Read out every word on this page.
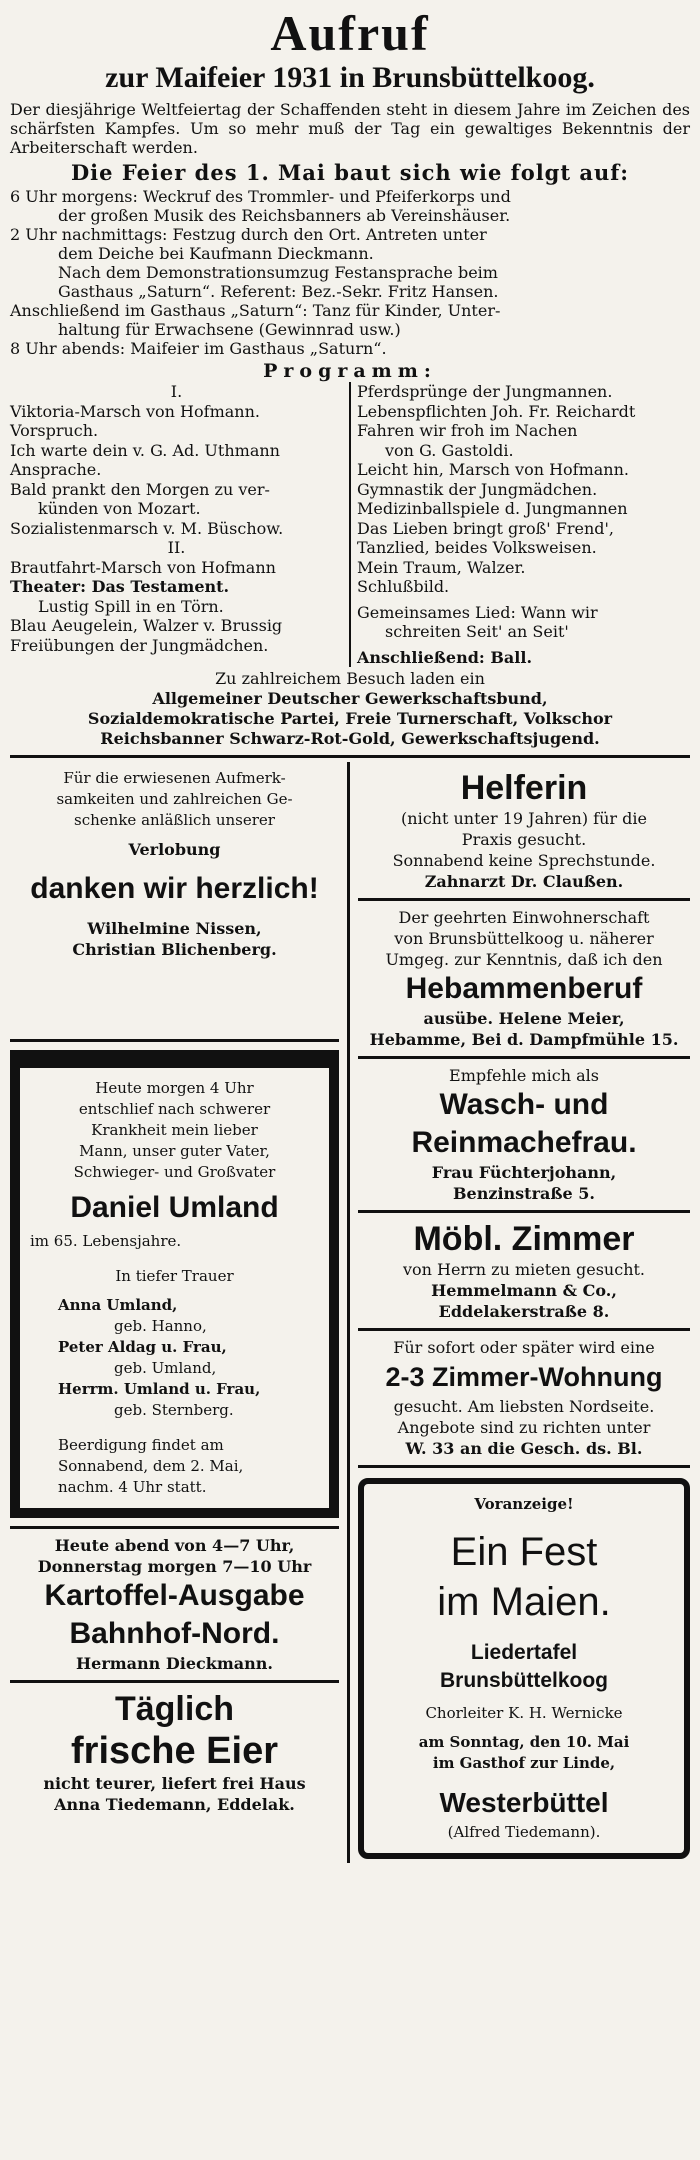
Aufruf
zur Maifeier 1931 in Brunsbüttelkoog.

Der diesjährige Weltfeiertag der Schaffenden steht in diesem Jahre im Zeichen des schärfsten Kampfes. Um so mehr muß der Tag ein gewaltiges Bekenntnis der Arbeiterschaft werden.

Die Feier des 1. Mai baut sich wie folgt auf:
6 Uhr morgens: Weckruf des Trommler- und Pfeiferkorps und
der großen Musik des Reichsbanners ab Vereinshäuser.
2 Uhr nachmittags: Festzug durch den Ort. Antreten unter
dem Deiche bei Kaufmann Dieckmann.
Nach dem Demonstrationsumzug Festansprache beim
Gasthaus „Saturn“. Referent: Bez.-Sekr. Fritz Hansen.
Anschließend im Gasthaus „Saturn“: Tanz für Kinder, Unter-
haltung für Erwachsene (Gewinnrad usw.)
8 Uhr abends: Maifeier im Gasthaus „Saturn“.
Programm:
I.
Viktoria-Marsch von Hofmann.
Vorspruch.
Ich warte dein v. G. Ad. Uthmann
Ansprache.
Bald prankt den Morgen zu ver-
künden von Mozart.
Sozialistenmarsch v. M. Büschow.
II.
Brautfahrt-Marsch von Hofmann
Theater: Das Testament.
Lustig Spill in en Törn.
Blau Aeugelein, Walzer v. Brussig
Freiübungen der Jungmädchen.
Pferdsprünge der Jungmannen.
Lebenspflichten Joh. Fr. Reichardt
Fahren wir froh im Nachen
von G. Gastoldi.
Leicht hin, Marsch von Hofmann.
Gymnastik der Jungmädchen.
Medizinballspiele d. Jungmannen
Das Lieben bringt groß' Frend',
Tanzlied, beides Volksweisen.
Mein Traum, Walzer.
Schlußbild.
Gemeinsames Lied: Wann wir
schreiten Seit' an Seit'
Anschließend: Ball.
Zu zahlreichem Besuch laden ein
Allgemeiner Deutscher Gewerkschaftsbund,
Sozialdemokratische Partei, Freie Turnerschaft, Volkschor
Reichsbanner Schwarz-Rot-Gold, Gewerkschaftsjugend.
Für die erwiesenen Aufmerk-
samkeiten und zahlreichen Ge-
schenke anläßlich unserer
Verlobung
danken wir herzlich!
Wilhelmine Nissen,
Christian Blichenberg.
Heute morgen 4 Uhr
entschlief nach schwerer
Krankheit mein lieber
Mann, unser guter Vater,
Schwieger- und Großvater
Daniel Umland
im 65. Lebensjahre.
In tiefer Trauer
Anna Umland,
geb. Hanno,
Peter Aldag u. Frau,
geb. Umland,
Herrm. Umland u. Frau,
geb. Sternberg.
Beerdigung findet am
Sonnabend, dem 2. Mai,
nachm. 4 Uhr statt.
Heute abend von 4—7 Uhr,
Donnerstag morgen 7—10 Uhr
Kartoffel-Ausgabe
Bahnhof-Nord.
Hermann Dieckmann.
Täglich
frische Eier
nicht teurer, liefert frei Haus
Anna Tiedemann, Eddelak.
Helferin
(nicht unter 19 Jahren) für die
Praxis gesucht.
Sonnabend keine Sprechstunde.
Zahnarzt Dr. Claußen.
Der geehrten Einwohnerschaft
von Brunsbüttelkoog u. näherer
Umgeg. zur Kenntnis, daß ich den
Hebammenberuf
ausübe. Helene Meier,
Hebamme, Bei d. Dampfmühle 15.
Empfehle mich als
Wasch- und
Reinmachefrau.
Frau Füchterjohann,
Benzinstraße 5.
Möbl. Zimmer
von Herrn zu mieten gesucht.
Hemmelmann & Co.,
Eddelakerstraße 8.
Für sofort oder später wird eine
2-3 Zimmer-Wohnung
gesucht. Am liebsten Nordseite.
Angebote sind zu richten unter
W. 33 an die Gesch. ds. Bl.
Voranzeige!
Ein Fest
im Maien.
Liedertafel
Brunsbüttelkoog
Chorleiter K. H. Wernicke
am Sonntag, den 10. Mai
im Gasthof zur Linde,
Westerbüttel
(Alfred Tiedemann).
